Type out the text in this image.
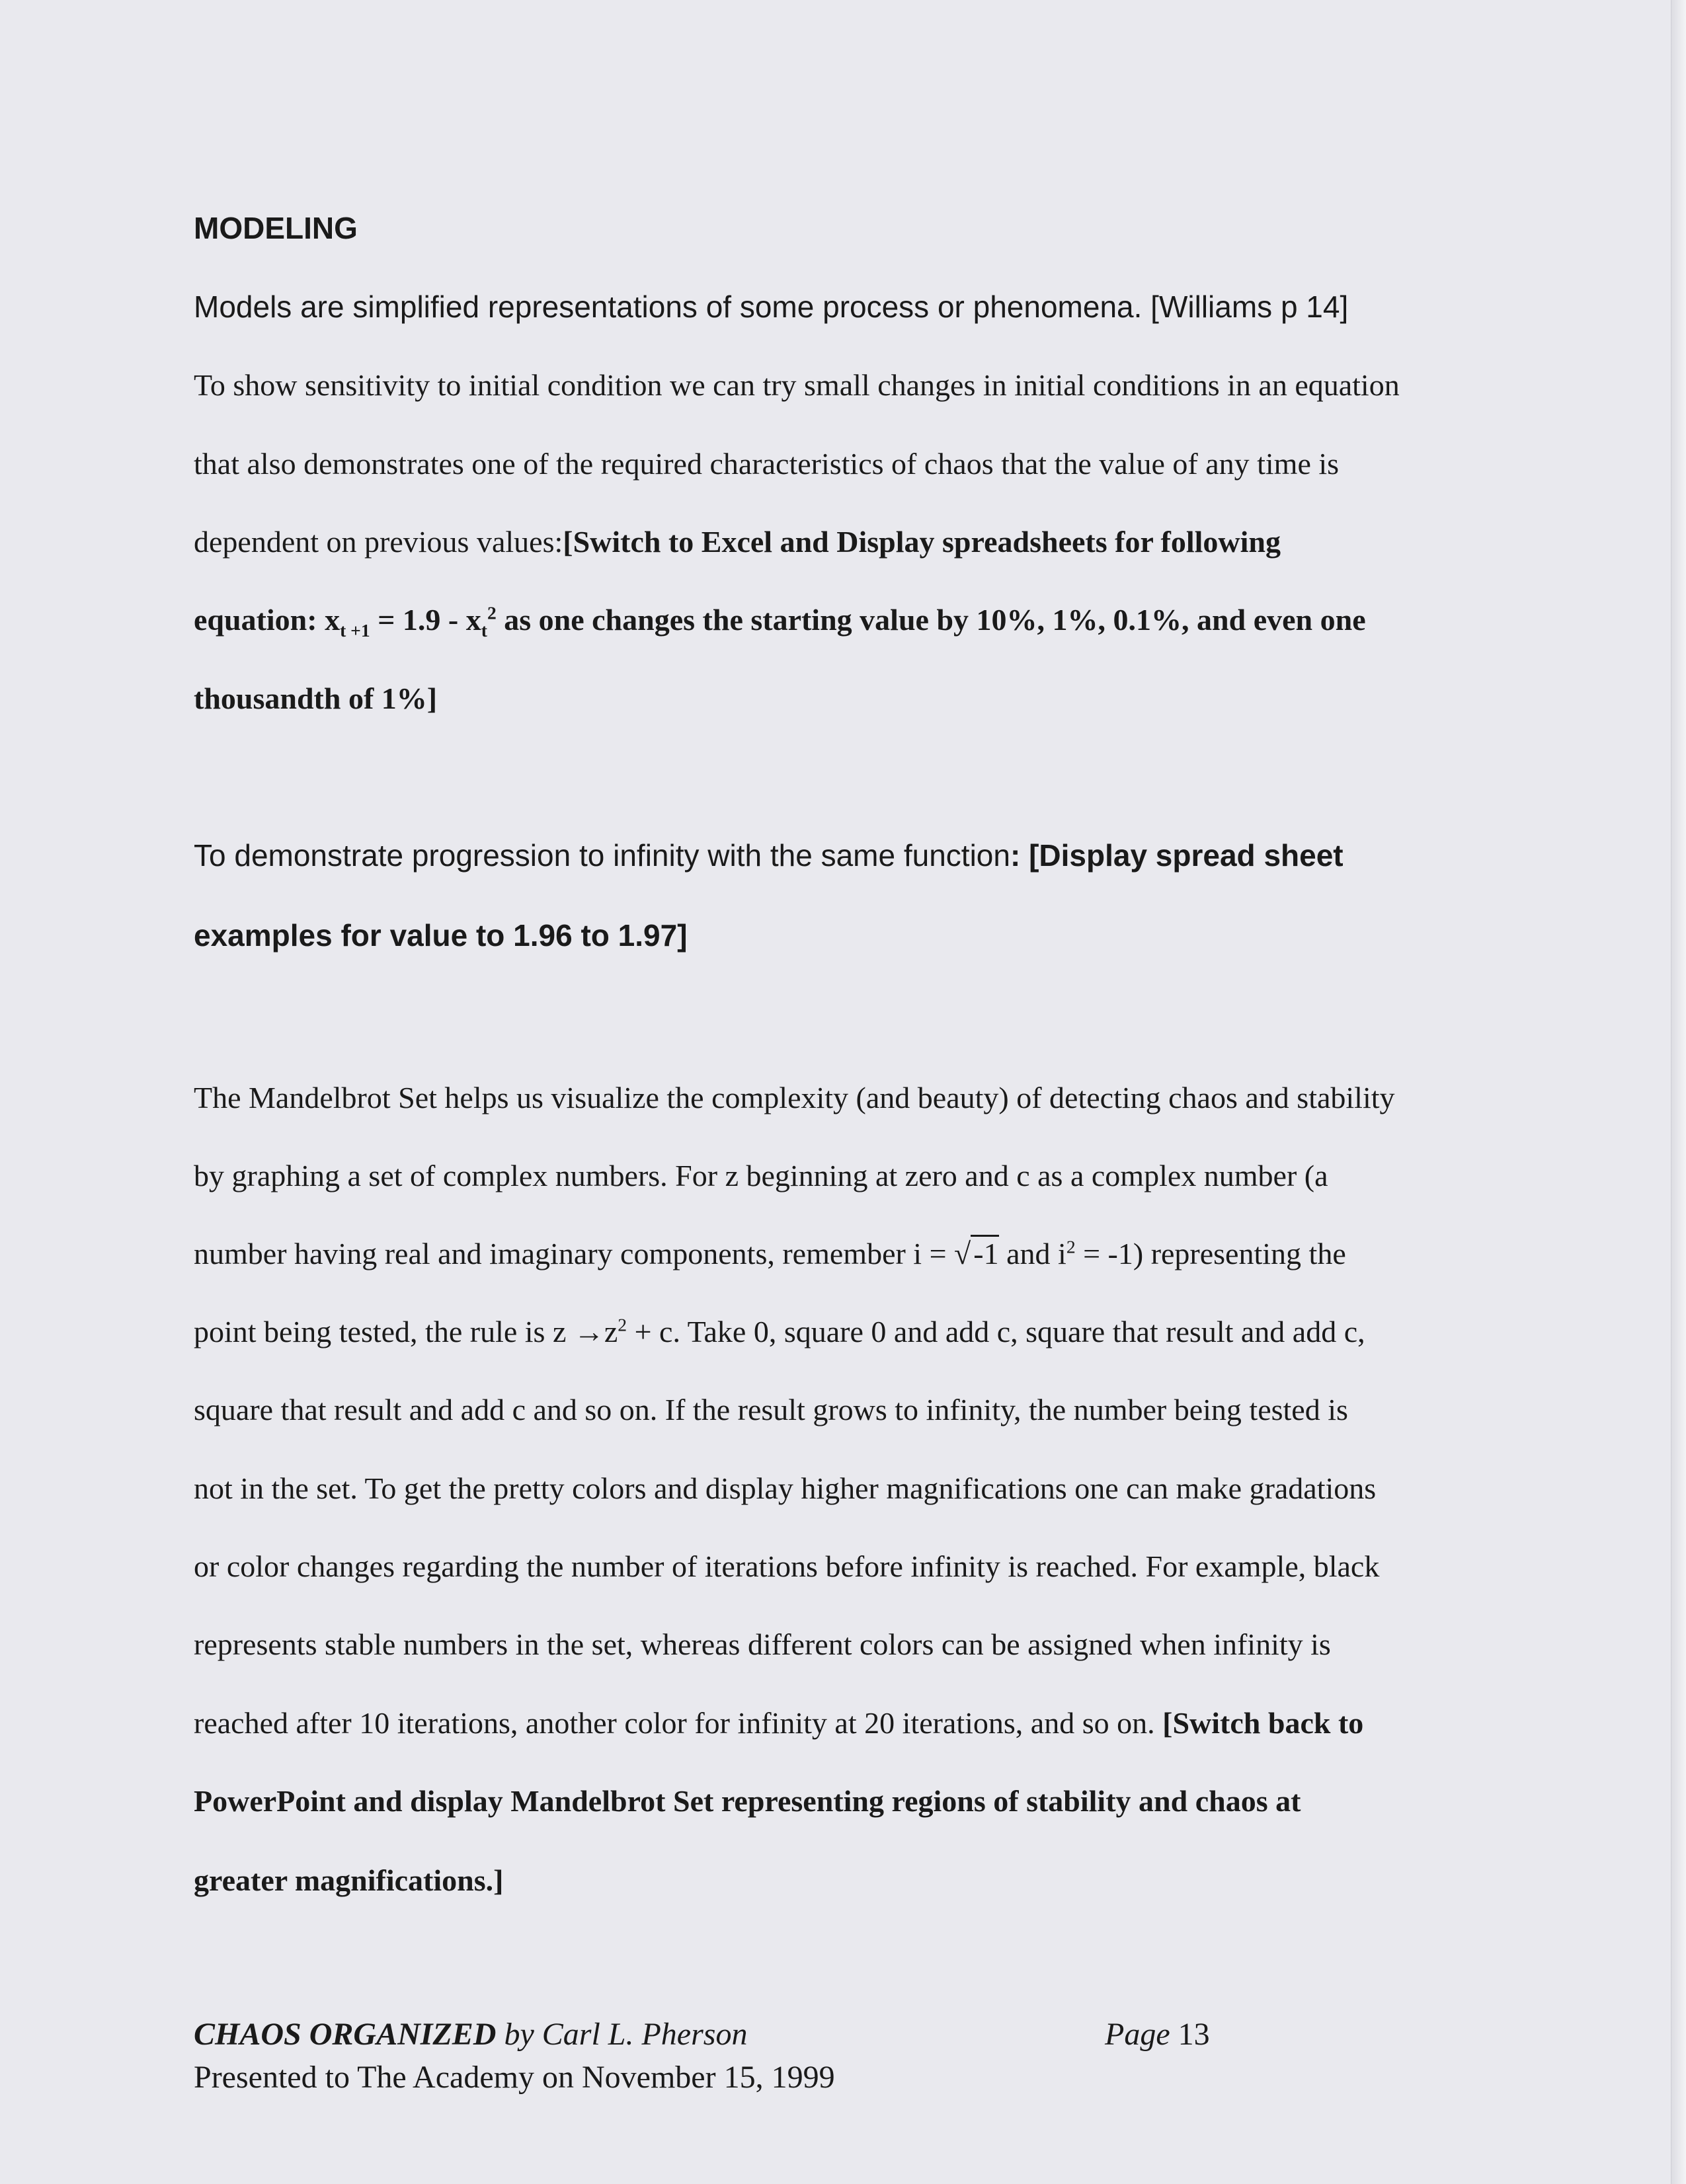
MODELING
Models are simplified representations of some process or phenomena. [Williams p 14]
To show sensitivity to initial condition we can try small changes in initial conditions in an equation
that also demonstrates one of the required characteristics of chaos that the value of any time is
dependent on previous values:[Switch to Excel and Display spreadsheets for following
equation: $x_{t +1} = 1.9 - x_t^2$ as one changes the starting value by 10%, 1%, 0.1%, and even one
thousandth of 1%]
To demonstrate progression to infinity with the same function: [Display spread sheet
examples for value to 1.96 to 1.97]
The Mandelbrot Set helps us visualize the complexity (and beauty) of detecting chaos and stability
by graphing a set of complex numbers. For z beginning at zero and c as a complex number (a
number having real and imaginary components, remember i = √-1 and $i^2 = -1$) representing the
point being tested, the rule is $z \to z^2 + c$. Take 0, square 0 and add c, square that result and add c,
square that result and add c and so on. If the result grows to infinity, the number being tested is
not in the set. To get the pretty colors and display higher magnifications one can make gradations
or color changes regarding the number of iterations before infinity is reached. For example, black
represents stable numbers in the set, whereas different colors can be assigned when infinity is
reached after 10 iterations, another color for infinity at 20 iterations, and so on. [Switch back to
PowerPoint and display Mandelbrot Set representing regions of stability and chaos at
greater magnifications.]
CHAOS ORGANIZED by Carl L. Pherson	Page 13
Presented to The Academy on November 15, 1999
